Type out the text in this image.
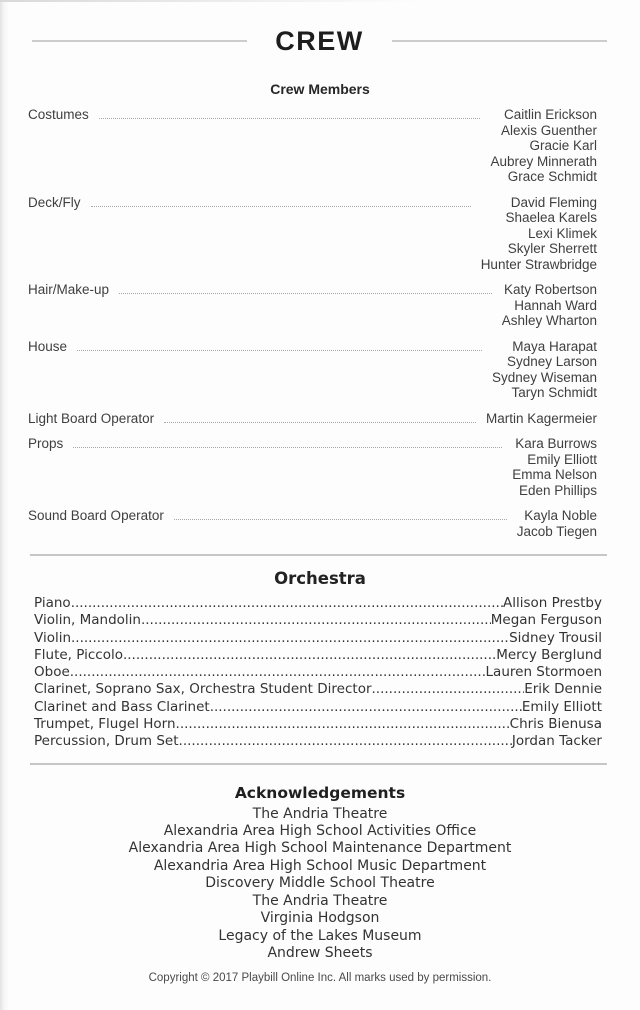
CREW
Crew Members
Costumes	Caitlin Erickson
Alexis Guenther
Gracie Karl
Aubrey Minnerath
Grace Schmidt
Deck/Fly	David Fleming
Shaelea Karels
Lexi Klimek
Skyler Sherrett
Hunter Strawbridge
Hair/Make-up	Katy Robertson
Hannah Ward
Ashley Wharton
House	Maya Harapat
Sydney Larson
Sydney Wiseman
Taryn Schmidt
Light Board Operator	Martin Kagermeier
Props	Kara Burrows
Emily Elliott
Emma Nelson
Eden Phillips
Sound Board Operator	Kayla Noble
Jacob Tiegen
Orchestra
Piano .....	Allison Prestby
Violin, Mandolin .....	Megan Ferguson
Violin .....	Sidney Trousil
Flute, Piccolo .....	Mercy Berglund
Oboe .....	Lauren Stormoen
Clarinet, Soprano Sax, Orchestra Student Director .....	Erik Dennie
Clarinet and Bass Clarinet .....	Emily Elliott
Trumpet, Flugel Horn .....	Chris Bienusa
Percussion, Drum Set .....	Jordan Tacker
Acknowledgements
The Andria Theatre
Alexandria Area High School Activities Office
Alexandria Area High School Maintenance Department
Alexandria Area High School Music Department
Discovery Middle School Theatre
The Andria Theatre
Virginia Hodgson
Legacy of the Lakes Museum
Andrew Sheets
Copyright © 2017 Playbill Online Inc. All marks used by permission.
